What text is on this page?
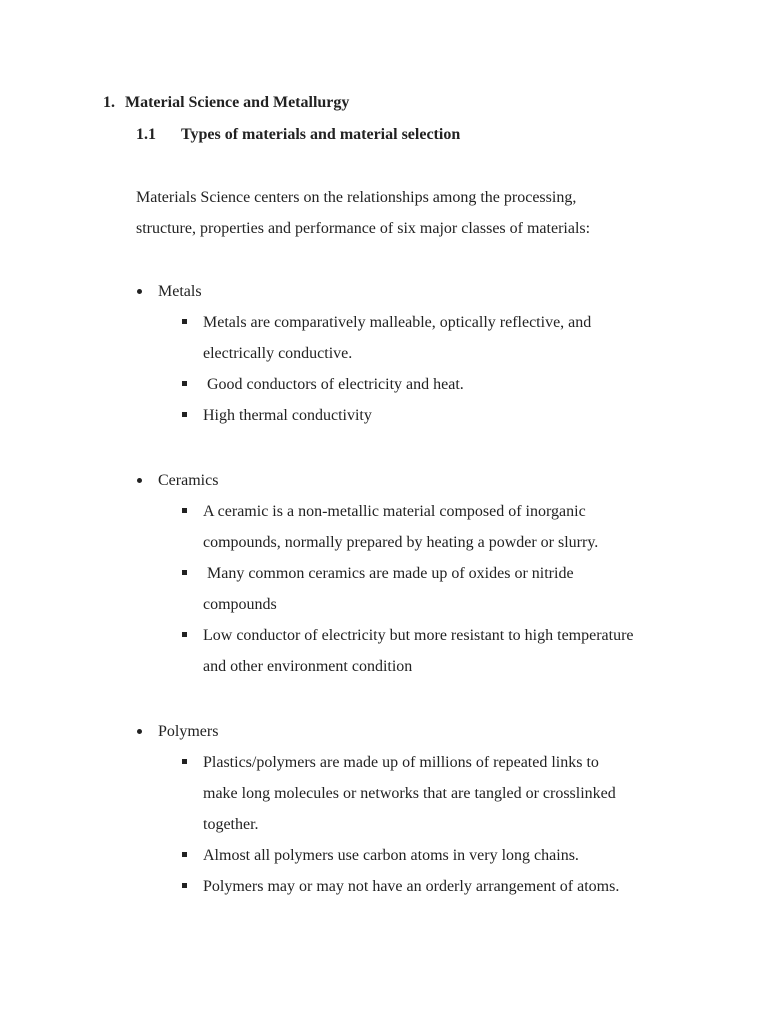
1. Material Science and Metallurgy
1.1 Types of materials and material selection

Materials Science centers on the relationships among the processing,

structure, properties and performance of six major classes of materials:

Metals
Metals are comparatively malleable, optically reflective, and
electrically conductive.
Good conductors of electricity and heat.
High thermal conductivity
Ceramics
A ceramic is a non-metallic material composed of inorganic
compounds, normally prepared by heating a powder or slurry.
Many common ceramics are made up of oxides or nitride
compounds
Low conductor of electricity but more resistant to high temperature
and other environment condition
Polymers
Plastics/polymers are made up of millions of repeated links to
make long molecules or networks that are tangled or crosslinked
together.
Almost all polymers use carbon atoms in very long chains.
Polymers may or may not have an orderly arrangement of atoms.
